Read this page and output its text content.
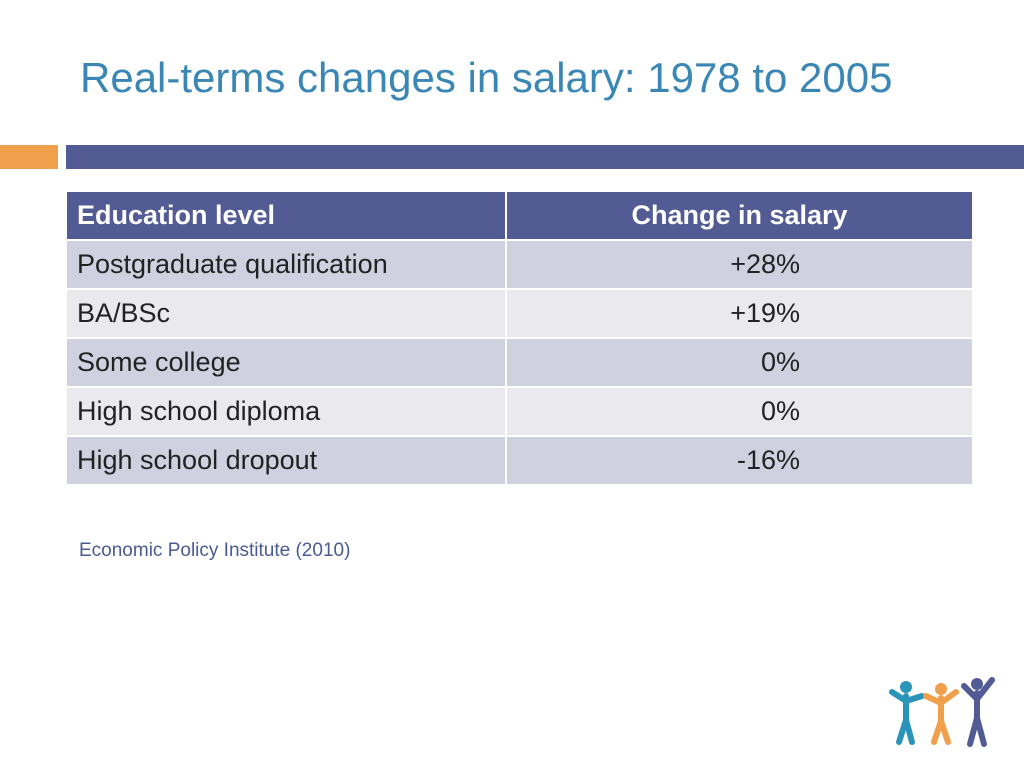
Real-terms changes in salary: 1978 to 2005
Education level	Change in salary
Postgraduate qualification	+28%
BA/BSc	+19%
Some college	0%
High school diploma	0%
High school dropout	-16%

Economic Policy Institute (2010)
